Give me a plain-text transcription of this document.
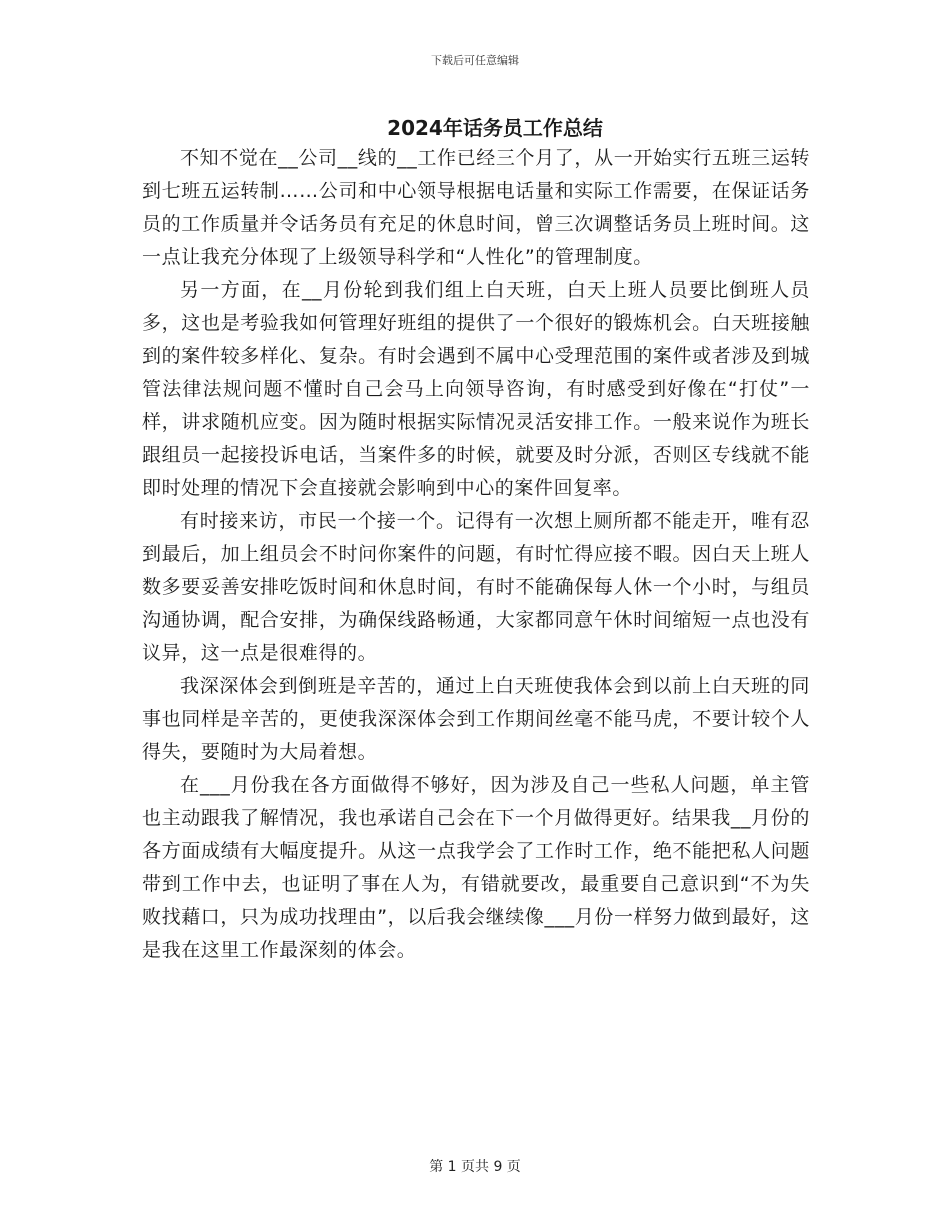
下载后可任意编辑
2024年话务员工作总结

不知不觉在__公司__线的__工作已经三个月了，从一开始实行五班三运转到七班五运转制……公司和中心领导根据电话量和实际工作需要，在保证话务员的工作质量并令话务员有充足的休息时间，曾三次调整话务员上班时间。这一点让我充分体现了上级领导科学和“人性化”的管理制度。

另一方面，在__月份轮到我们组上白天班，白天上班人员要比倒班人员多，这也是考验我如何管理好班组的提供了一个很好的锻炼机会。白天班接触到的案件较多样化、复杂。有时会遇到不属中心受理范围的案件或者涉及到城管法律法规问题不懂时自己会马上向领导咨询，有时感受到好像在“打仗”一样，讲求随机应变。因为随时根据实际情况灵活安排工作。一般来说作为班长跟组员一起接投诉电话，当案件多的时候，就要及时分派，否则区专线就不能即时处理的情况下会直接就会影响到中心的案件回复率。

有时接来访，市民一个接一个。记得有一次想上厕所都不能走开，唯有忍到最后，加上组员会不时问你案件的问题，有时忙得应接不暇。因白天上班人数多要妥善安排吃饭时间和休息时间，有时不能确保每人休一个小时，与组员沟通协调，配合安排，为确保线路畅通，大家都同意午休时间缩短一点也没有议异，这一点是很难得的。

我深深体会到倒班是辛苦的，通过上白天班使我体会到以前上白天班的同事也同样是辛苦的，更使我深深体会到工作期间丝毫不能马虎，不要计较个人得失，要随时为大局着想。

在___月份我在各方面做得不够好，因为涉及自己一些私人问题，单主管也主动跟我了解情况，我也承诺自己会在下一个月做得更好。结果我__月份的各方面成绩有大幅度提升。从这一点我学会了工作时工作，绝不能把私人问题带到工作中去，也证明了事在人为，有错就要改，最重要自己意识到“不为失败找藉口，只为成功找理由”，以后我会继续像___月份一样努力做到最好，这是我在这里工作最深刻的体会。

第 1 页共 9 页
